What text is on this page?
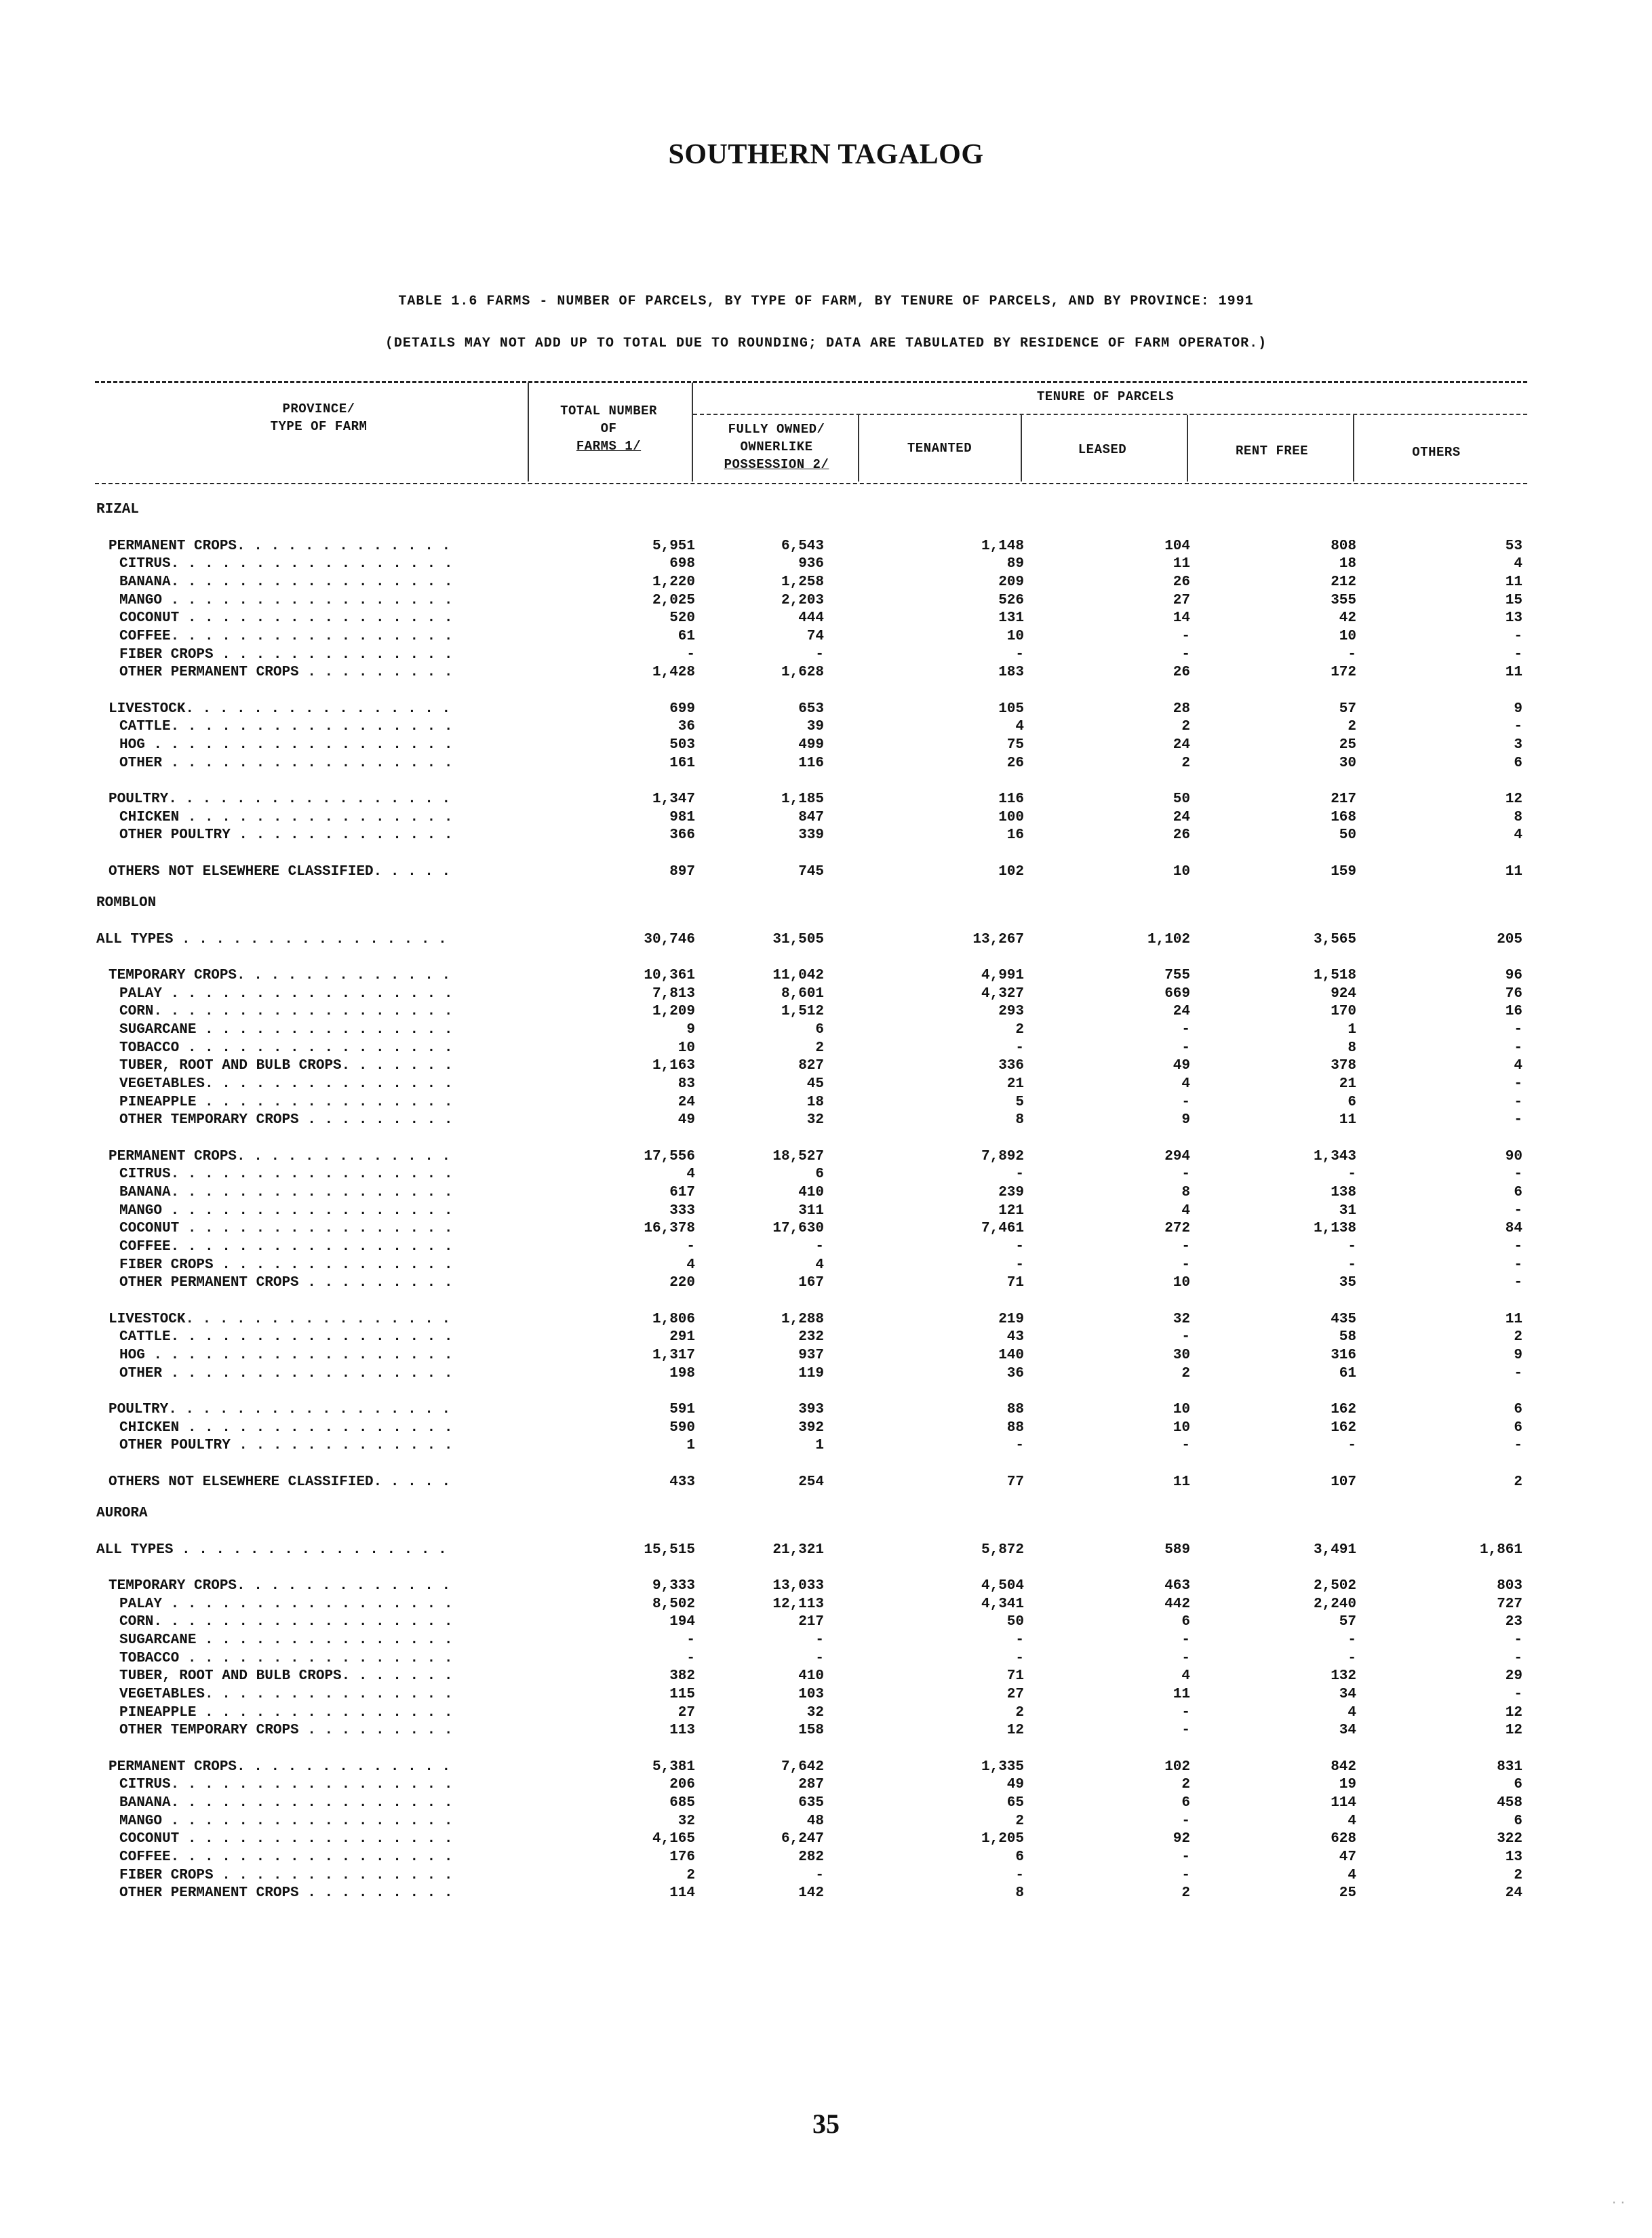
SOUTHERN TAGALOG
TABLE 1.6 FARMS - NUMBER OF PARCELS, BY TYPE OF FARM, BY TENURE OF PARCELS, AND BY PROVINCE: 1991
(DETAILS MAY NOT ADD UP TO TOTAL DUE TO ROUNDING; DATA ARE TABULATED BY RESIDENCE OF FARM OPERATOR.)
PROVINCE/
TYPE OF FARM
TOTAL NUMBER
OF
FARMS 1/
TENURE OF PARCELS
FULLY OWNED/
OWNERLIKE
POSSESSION 2/
TENANTED	LEASED	RENT FREE	OTHERS
RIZAL
PERMANENT CROPS. . . . . . . . . . . . .	5,951	6,543	1,148	104	808	53
CITRUS. . . . . . . . . . . . . . . . .	698	936	89	11	18	4
BANANA. . . . . . . . . . . . . . . . .	1,220	1,258	209	26	212	11
MANGO . . . . . . . . . . . . . . . . .	2,025	2,203	526	27	355	15
COCONUT . . . . . . . . . . . . . . . .	520	444	131	14	42	13
COFFEE. . . . . . . . . . . . . . . . .	61	74	10	-	10	-
FIBER CROPS . . . . . . . . . . . . . .	-	-	-	-	-	-
OTHER PERMANENT CROPS . . . . . . . . .	1,428	1,628	183	26	172	11
LIVESTOCK. . . . . . . . . . . . . . . .	699	653	105	28	57	9
CATTLE. . . . . . . . . . . . . . . . .	36	39	4	2	2	-
HOG . . . . . . . . . . . . . . . . . .	503	499	75	24	25	3
OTHER . . . . . . . . . . . . . . . . .	161	116	26	2	30	6
POULTRY. . . . . . . . . . . . . . . . .	1,347	1,185	116	50	217	12
CHICKEN . . . . . . . . . . . . . . . .	981	847	100	24	168	8
OTHER POULTRY . . . . . . . . . . . . .	366	339	16	26	50	4
OTHERS NOT ELSEWHERE CLASSIFIED. . . . .	897	745	102	10	159	11
ROMBLON
ALL TYPES . . . . . . . . . . . . . . . .	30,746	31,505	13,267	1,102	3,565	205
TEMPORARY CROPS. . . . . . . . . . . . .	10,361	11,042	4,991	755	1,518	96
PALAY . . . . . . . . . . . . . . . . .	7,813	8,601	4,327	669	924	76
CORN. . . . . . . . . . . . . . . . . .	1,209	1,512	293	24	170	16
SUGARCANE . . . . . . . . . . . . . . .	9	6	2	-	1	-
TOBACCO . . . . . . . . . . . . . . . .	10	2	-	-	8	-
TUBER, ROOT AND BULB CROPS. . . . . . .	1,163	827	336	49	378	4
VEGETABLES. . . . . . . . . . . . . . .	83	45	21	4	21	-
PINEAPPLE . . . . . . . . . . . . . . .	24	18	5	-	6	-
OTHER TEMPORARY CROPS . . . . . . . . .	49	32	8	9	11	-
PERMANENT CROPS. . . . . . . . . . . . .	17,556	18,527	7,892	294	1,343	90
CITRUS. . . . . . . . . . . . . . . . .	4	6	-	-	-	-
BANANA. . . . . . . . . . . . . . . . .	617	410	239	8	138	6
MANGO . . . . . . . . . . . . . . . . .	333	311	121	4	31	-
COCONUT . . . . . . . . . . . . . . . .	16,378	17,630	7,461	272	1,138	84
COFFEE. . . . . . . . . . . . . . . . .	-	-	-	-	-	-
FIBER CROPS . . . . . . . . . . . . . .	4	4	-	-	-	-
OTHER PERMANENT CROPS . . . . . . . . .	220	167	71	10	35	-
LIVESTOCK. . . . . . . . . . . . . . . .	1,806	1,288	219	32	435	11
CATTLE. . . . . . . . . . . . . . . . .	291	232	43	-	58	2
HOG . . . . . . . . . . . . . . . . . .	1,317	937	140	30	316	9
OTHER . . . . . . . . . . . . . . . . .	198	119	36	2	61	-
POULTRY. . . . . . . . . . . . . . . . .	591	393	88	10	162	6
CHICKEN . . . . . . . . . . . . . . . .	590	392	88	10	162	6
OTHER POULTRY . . . . . . . . . . . . .	1	1	-	-	-	-
OTHERS NOT ELSEWHERE CLASSIFIED. . . . .	433	254	77	11	107	2
AURORA
ALL TYPES . . . . . . . . . . . . . . . .	15,515	21,321	5,872	589	3,491	1,861
TEMPORARY CROPS. . . . . . . . . . . . .	9,333	13,033	4,504	463	2,502	803
PALAY . . . . . . . . . . . . . . . . .	8,502	12,113	4,341	442	2,240	727
CORN. . . . . . . . . . . . . . . . . .	194	217	50	6	57	23
SUGARCANE . . . . . . . . . . . . . . .	-	-	-	-	-	-
TOBACCO . . . . . . . . . . . . . . . .	-	-	-	-	-	-
TUBER, ROOT AND BULB CROPS. . . . . . .	382	410	71	4	132	29
VEGETABLES. . . . . . . . . . . . . . .	115	103	27	11	34	-
PINEAPPLE . . . . . . . . . . . . . . .	27	32	2	-	4	12
OTHER TEMPORARY CROPS . . . . . . . . .	113	158	12	-	34	12
PERMANENT CROPS. . . . . . . . . . . . .	5,381	7,642	1,335	102	842	831
CITRUS. . . . . . . . . . . . . . . . .	206	287	49	2	19	6
BANANA. . . . . . . . . . . . . . . . .	685	635	65	6	114	458
MANGO . . . . . . . . . . . . . . . . .	32	48	2	-	4	6
COCONUT . . . . . . . . . . . . . . . .	4,165	6,247	1,205	92	628	322
COFFEE. . . . . . . . . . . . . . . . .	176	282	6	-	47	13
FIBER CROPS . . . . . . . . . . . . . .	2	-	-	-	4	2
OTHER PERMANENT CROPS . . . . . . . . .	114	142	8	2	25	24
35
· ·
